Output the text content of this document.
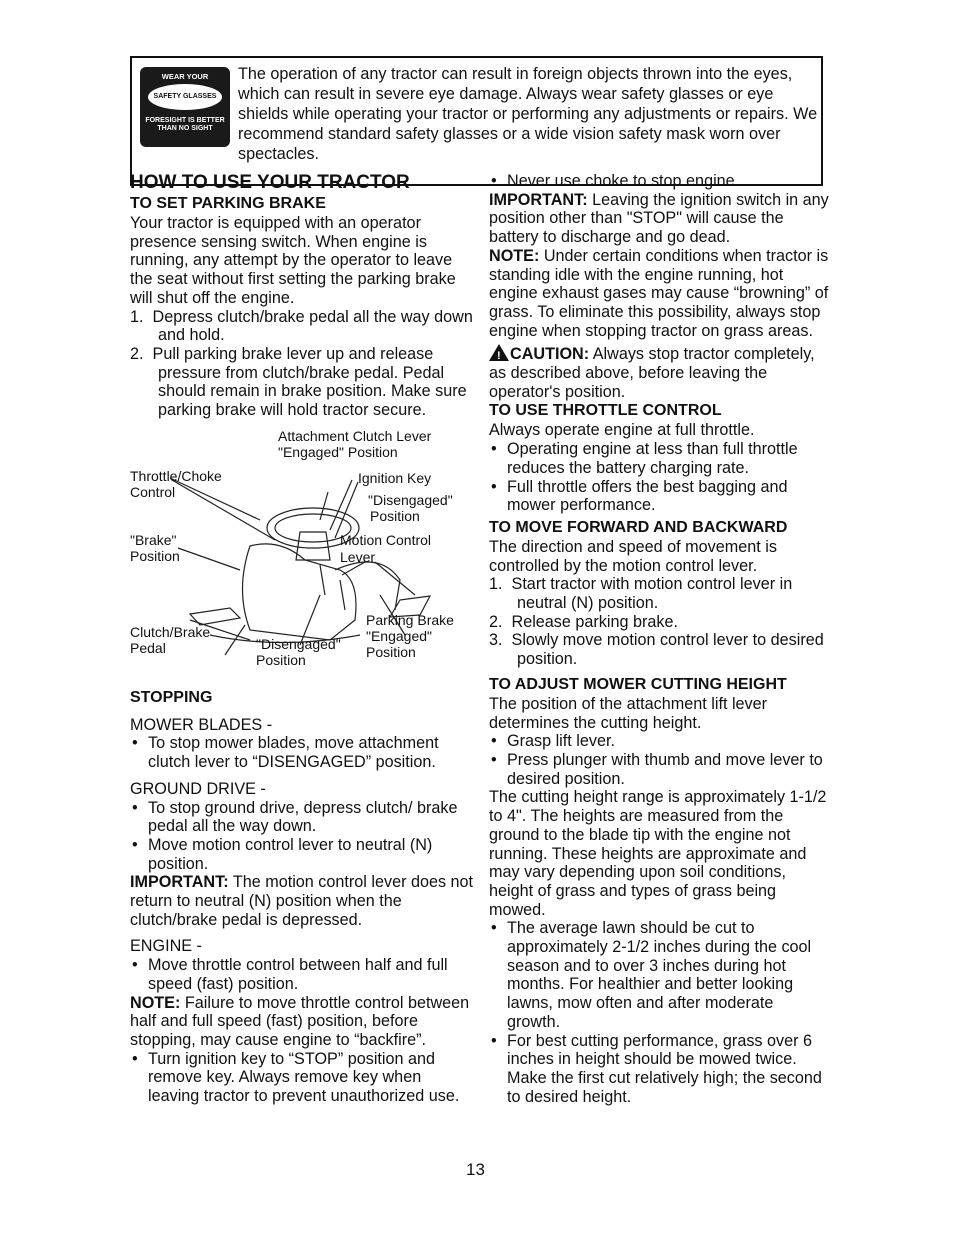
WEAR YOUR
SAFETY GLASSES
FORESIGHT IS BETTER
THAN NO SIGHT
The operation of any tractor can result in foreign objects thrown into the eyes, which can result in severe eye damage. Always wear safety glasses or eye shields while operating your tractor or performing any adjustments or repairs. We recommend standard safety glasses or a wide vision safety mask worn over spectacles.
HOW TO USE YOUR TRACTOR
TO SET PARKING BRAKE

Your tractor is equipped with an operator presence sensing switch. When engine is running, any attempt by the operator to leave the seat without first setting the parking brake will shut off the engine.

1. Depress clutch/brake pedal all the way down and hold.
2. Pull parking brake lever up and release pressure from clutch/brake pedal. Pedal should remain in brake position. Make sure parking brake will hold tractor secure.
Attachment Clutch Lever
"Engaged" Position
Throttle/Choke
Control
Ignition Key
"Disengaged"
Position
"Brake"
Position
Motion Control
Lever
Parking Brake
"Engaged"
Position
Clutch/Brake
Pedal	"Disengaged"
Position
STOPPING

MOWER BLADES -

• To stop mower blades, move attachment clutch lever to “DISENGAGED” position.

GROUND DRIVE -

• To stop ground drive, depress clutch/ brake pedal all the way down.
• Move motion control lever to neutral (N) position.

IMPORTANT: The motion control lever does not return to neutral (N) position when the clutch/brake pedal is depressed.

ENGINE -

• Move throttle control between half and full speed (fast) position.

NOTE: Failure to move throttle control between half and full speed (fast) position, before stopping, may cause engine to “backfire”.

• Turn ignition key to “STOP” position and remove key. Always remove key when leaving tractor to prevent unauthorized use.
• Never use choke to stop engine.

IMPORTANT: Leaving the ignition switch in any position other than "STOP" will cause the battery to discharge and go dead.

NOTE: Under certain conditions when tractor is standing idle with the engine running, hot engine exhaust gases may cause “browning” of grass. To eliminate this possibility, always stop engine when stopping tractor on grass areas.

! CAUTION: Always stop tractor completely, as described above, before leaving the operator's position.

TO USE THROTTLE CONTROL

Always operate engine at full throttle.

• Operating engine at less than full throttle reduces the battery charging rate.
• Full throttle offers the best bagging and mower performance.
TO MOVE FORWARD AND BACKWARD

The direction and speed of movement is controlled by the motion control lever.

1. Start tractor with motion control lever in neutral (N) position.
2. Release parking brake.
3. Slowly move motion control lever to desired position.
TO ADJUST MOWER CUTTING HEIGHT

The position of the attachment lift lever determines the cutting height.

• Grasp lift lever.
• Press plunger with thumb and move lever to desired position.

The cutting height range is approximately 1-1/2 to 4". The heights are measured from the ground to the blade tip with the engine not running. These heights are approximate and may vary depending upon soil conditions, height of grass and types of grass being mowed.

• The average lawn should be cut to approximately 2-1/2 inches during the cool season and to over 3 inches during hot months. For healthier and better looking lawns, mow often and after moderate growth.
• For best cutting performance, grass over 6 inches in height should be mowed twice. Make the first cut relatively high; the second to desired height.
13
